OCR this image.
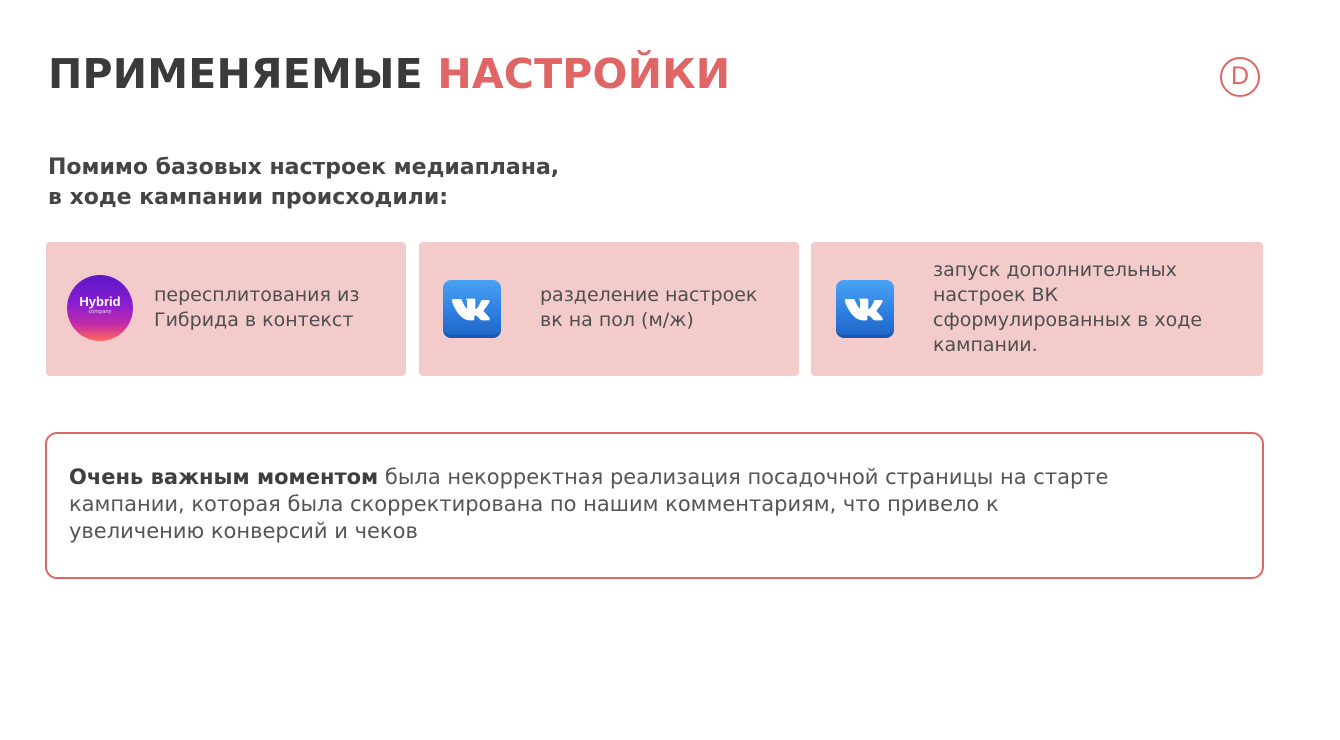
ПРИМЕНЯЕМЫЕ НАСТРОЙКИ	D
Помимо базовых настроек медиаплана,
в ходе кампании происходили:
Hybrid
company
пересплитования из
Гибрида в контекст
разделение настроек
вк на пол (м/ж)
запуск дополнительных
настроек ВК
сформулированных в ходе
кампании.
Очень важным моментом была некорректная реализация посадочной страницы на старте
кампании, которая была скорректирована по нашим комментариям, что привело к
увеличению конверсий и чеков
